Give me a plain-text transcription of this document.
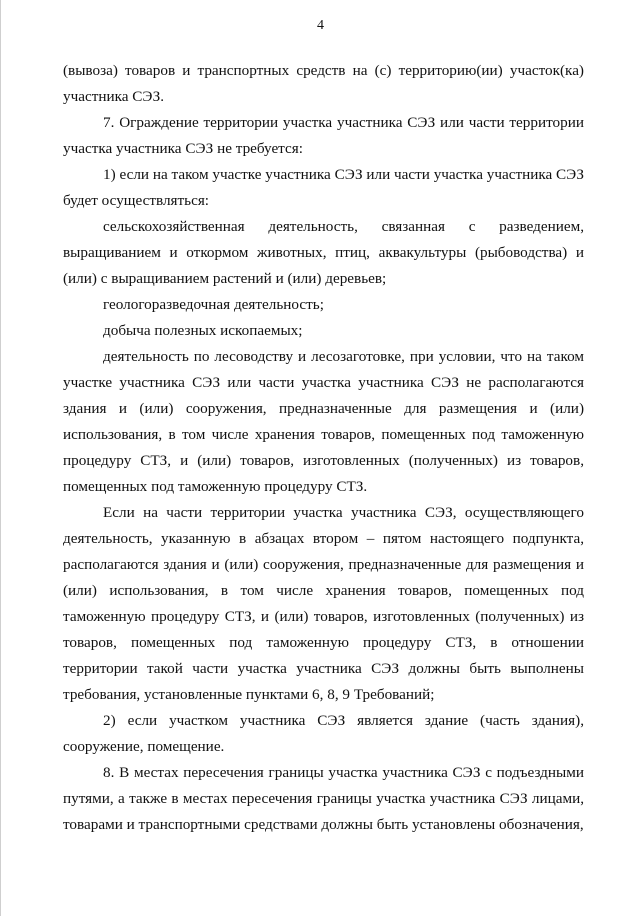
4

(вывоза) товаров и транспортных средств на (с) территорию(ии) участок(ка) участника СЭЗ.

7. Ограждение территории участка участника СЭЗ или части территории участка участника СЭЗ не требуется:

1) если на таком участке участника СЭЗ или части участка участника СЭЗ будет осуществляться:

сельскохозяйственная деятельность, связанная с разведением, выращиванием и откормом животных, птиц, аквакультуры (рыбоводства) и (или) с выращиванием растений и (или) деревьев;

геологоразведочная деятельность;

добыча полезных ископаемых;

деятельность по лесоводству и лесозаготовке, при условии, что на таком участке участника СЭЗ или части участка участника СЭЗ не располагаются здания и (или) сооружения, предназначенные для размещения и (или) использования, в том числе хранения товаров, помещенных под таможенную процедуру СТЗ, и (или) товаров, изготовленных (полученных) из товаров, помещенных под таможенную процедуру СТЗ.

Если на части территории участка участника СЭЗ, осуществляющего деятельность, указанную в абзацах втором – пятом настоящего подпункта, располагаются здания и (или) сооружения, предназначенные для размещения и (или) использования, в том числе хранения товаров, помещенных под таможенную процедуру СТЗ, и (или) товаров, изготовленных (полученных) из товаров, помещенных под таможенную процедуру СТЗ, в отношении территории такой части участка участника СЭЗ должны быть выполнены требования, установленные пунктами 6, 8, 9 Требований;

2) если участком участника СЭЗ является здание (часть здания), сооружение, помещение.

8. В местах пересечения границы участка участника СЭЗ с подъездными путями, а также в местах пересечения границы участка участника СЭЗ лицами, товарами и транспортными средствами должны быть установлены обозначения,
